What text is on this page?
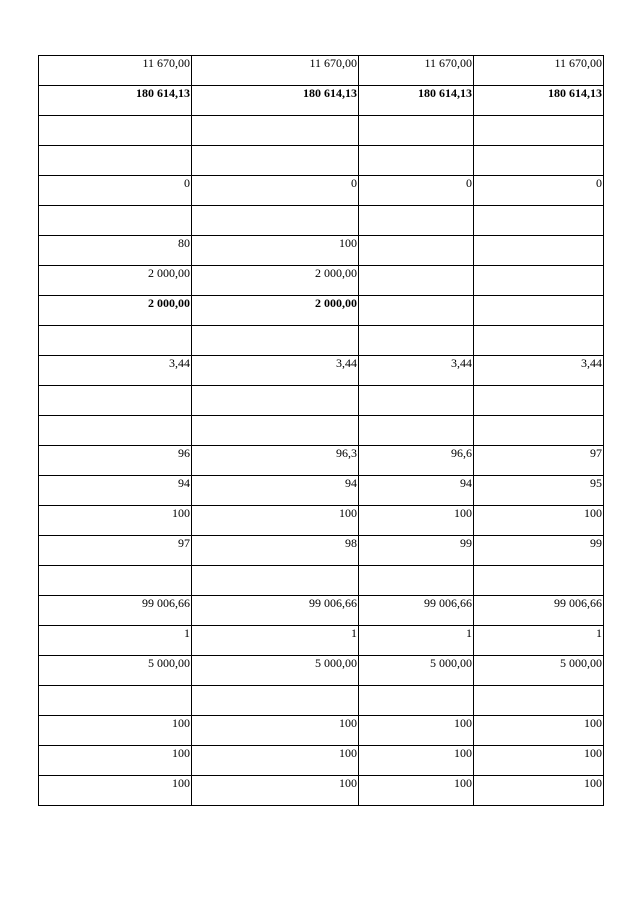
11 670,00	11 670,00	11 670,00	11 670,00
180 614,13	180 614,13	180 614,13	180 614,13

0	0	0	0

80	100		
2 000,00	2 000,00		
2 000,00	2 000,00		

3,44	3,44	3,44	3,44

96	96,3	96,6	97
94	94	94	95
100	100	100	100
97	98	99	99

99 006,66	99 006,66	99 006,66	99 006,66
1	1	1	1
5 000,00	5 000,00	5 000,00	5 000,00

100	100	100	100
100	100	100	100
100	100	100	100
